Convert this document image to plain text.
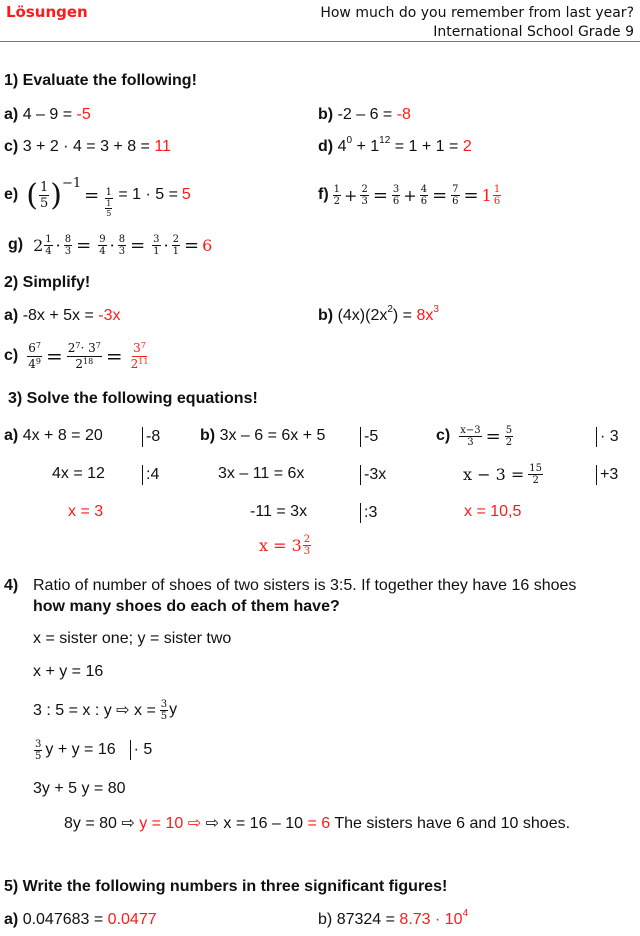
Lösungen	How much do you remember from last year?
International School Grade 9
1) Evaluate the following!
a) 4 – 9 = -5	b) -2 – 6 = -8
c) 3 + 2 · 4 = 3 + 8 = 11	d) $4^0 + 1^{12} = 1 + 1 = 2$
e) ( $\frac{1}{5} )^{-1}$
= $\frac{1}{\frac{1}{5}} = 1 \cdot 5 = 5$	$f) \frac{1}{2} + \frac{2}{3} = \frac{3}{6} + \frac{4}{6} = \frac{7}{6} = 1 \frac{1}{6}$
g) $2 \frac{1}{4} \cdot \frac{8}{3} = \frac{9}{4} \cdot \frac{8}{3} = \frac{3}{1} \cdot \frac{2}{1} = 6$
2) Simplify!
a) -8x + 5x = -3x	b) $(4x)(2x^2) = 8x^3$
$c) \frac{6^7}{4^9} = \frac{2^7\cdot 3^7}{2^{18}} = \frac{3^7}{2^{11}}$
3) Solve the following equations!
a) 4x + 8 = 20	-8
4x = 12	:4
x = 3
b) 3x – 6 = 6x + 5 -5
3x – 11 = 6x	-3x
-11 = 3x	:3
$x = 3 \frac{2}{3}$
$c) \frac{x-3}{3} = \frac{5}{2}$	· 3
$x - 3 = \frac{15}{2}$	+3
x = 10,5
4) Ratio of number of shoes of two sisters is 3:5. If together they have 16 shoes
how many shoes do each of them have?
x = sister one; y = sister two
x + y = 16
3 : 5 = x : y ⇨ $x = \frac{3}{5}$ y
$\frac{3}{5}$ y + y = 16 · 5
3y + 5 y = 80
8y = 80 ⇨ y = 10 ⇨ ⇨ x = 16 – 10 = 6 The sisters have 6 and 10 shoes.
5) Write the following numbers in three significant figures!
a) 0.047683 = 0.0477	b) $87324 = 8.73 \cdot 10^4$
